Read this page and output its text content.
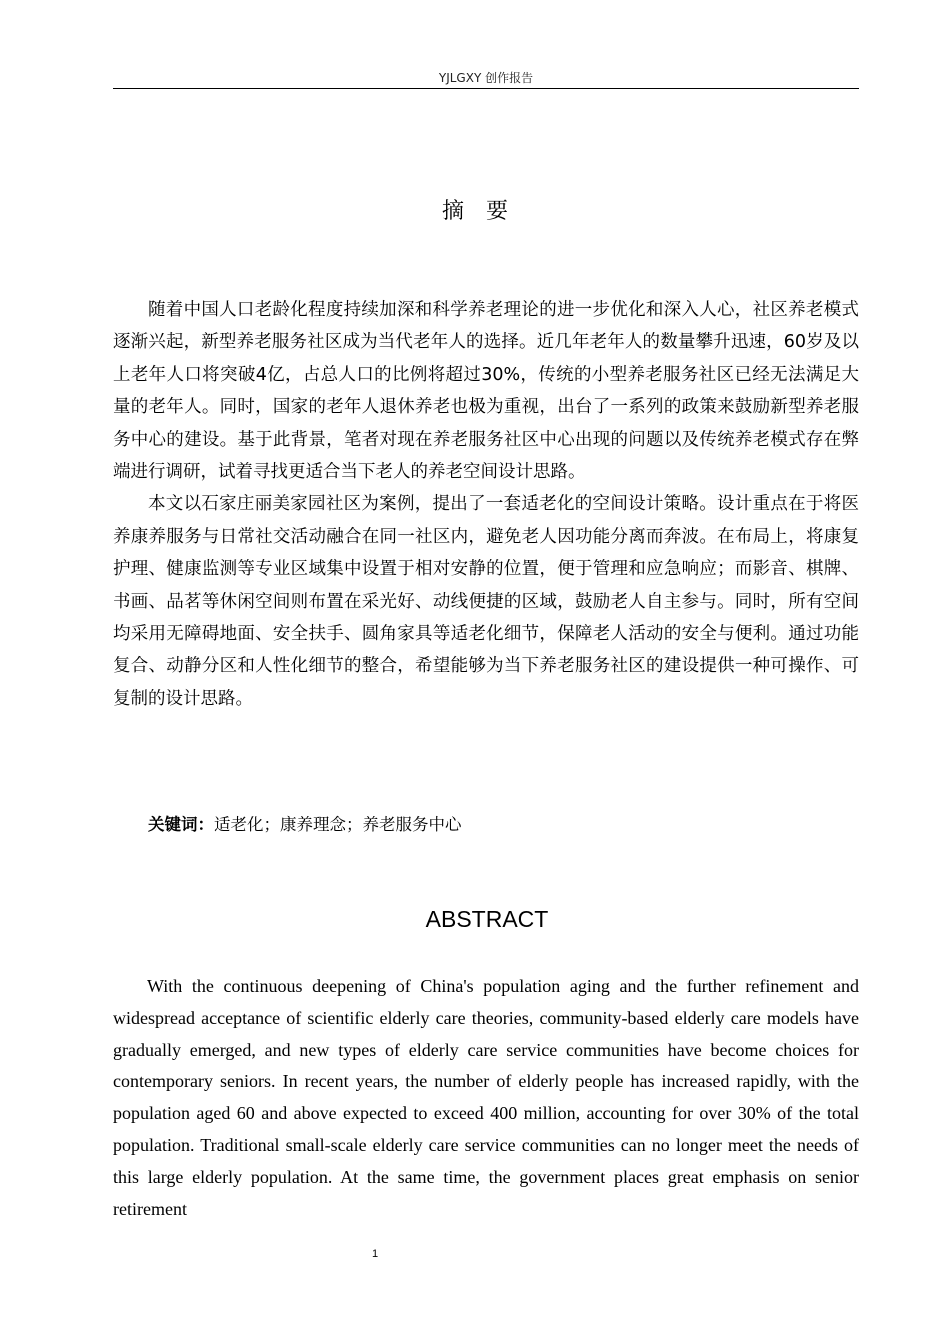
YJLGXY 创作报告
摘　要

随着中国人口老龄化程度持续加深和科学养老理论的进一步优化和深入人心，社区养老模式逐渐兴起，新型养老服务社区成为当代老年人的选择。近几年老年人的数量攀升迅速，60岁及以上老年人口将突破4亿，占总人口的比例将超过30%，传统的小型养老服务社区已经无法满足大量的老年人。同时，国家的老年人退休养老也极为重视，出台了一系列的政策来鼓励新型养老服务中心的建设。基于此背景，笔者对现在养老服务社区中心出现的问题以及传统养老模式存在弊端进行调研，试着寻找更适合当下老人的养老空间设计思路。

本文以石家庄丽美家园社区为案例，提出了一套适老化的空间设计策略。设计重点在于将医养康养服务与日常社交活动融合在同一社区内，避免老人因功能分离而奔波。在布局上，将康复护理、健康监测等专业区域集中设置于相对安静的位置，便于管理和应急响应；而影音、棋牌、书画、品茗等休闲空间则布置在采光好、动线便捷的区域，鼓励老人自主参与。同时，所有空间均采用无障碍地面、安全扶手、圆角家具等适老化细节，保障老人活动的安全与便利。通过功能复合、动静分区和人性化细节的整合，希望能够为当下养老服务社区的建设提供一种可操作、可复制的设计思路。

关键词：适老化；康养理念；养老服务中心
ABSTRACT

With the continuous deepening of China's population aging and the further refinement and widespread acceptance of scientific elderly care theories, community-based elderly care models have gradually emerged, and new types of elderly care service communities have become choices for contemporary seniors. In recent years, the number of elderly people has increased rapidly, with the population aged 60 and above expected to exceed 400 million, accounting for over 30% of the total population. Traditional small-scale elderly care service communities can no longer meet the needs of this large elderly population. At the same time, the government places great emphasis on senior retirement

1
